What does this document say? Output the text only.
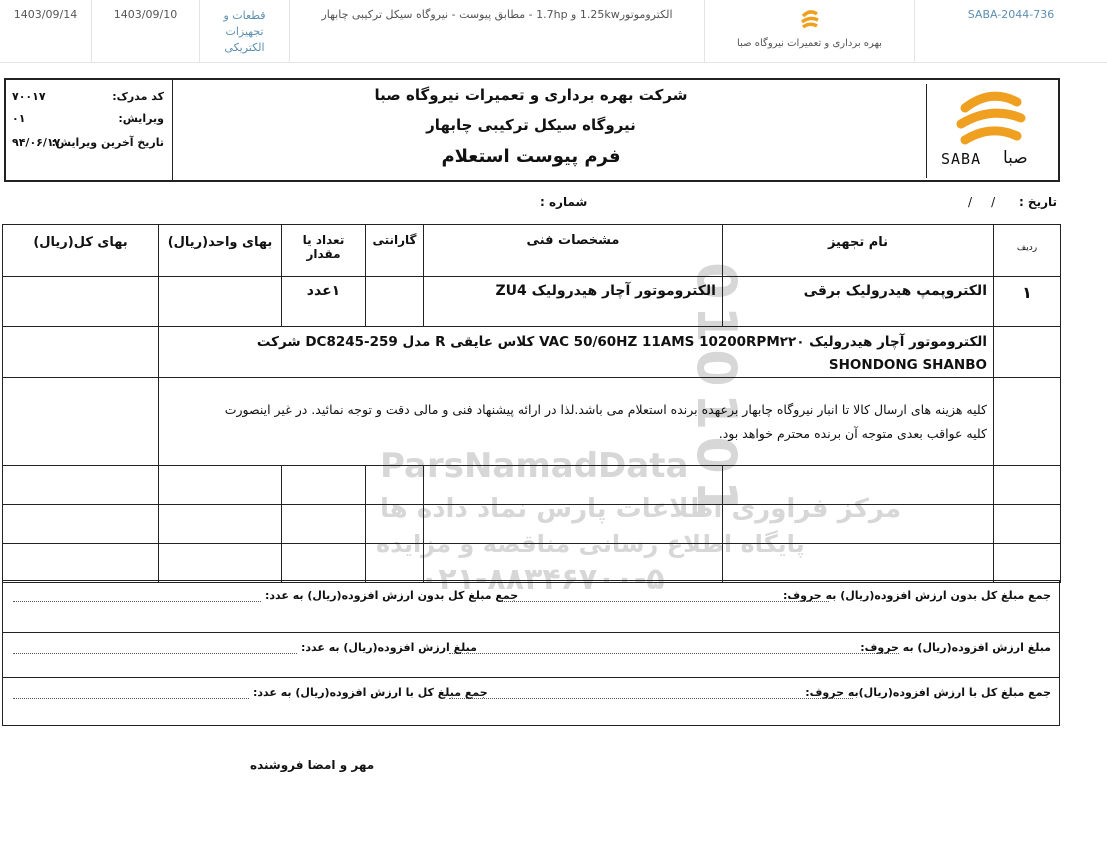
1403/09/14	1403/09/10	قطعات و تجهیزات الکتریکی
الکتروموتور1.25kw و 1.7hp - مطابق پیوست - نیروگاه سیکل ترکیبی چابهار
بهره برداری و تعمیرات نیروگاه صبا
SABA-2044-736
کد مدرک:
۷۰۰۱۷
ویرایش:
۰۱
تاریخ آخرین ویرایش:
۹۴/۰۶/۱۷
شرکت بهره برداری و تعمیرات نیروگاه صبا
نیروگاه سیکل ترکیبی چابهار
فرم پیوست استعلام	SABA صبا
تاریخ :
/     /
شماره :
010101
ParsNamadData
مرکز فراوری اطلاعات پارس نماد داده ها
پایگاه اطلاع رسانی مناقصه و مزایده
۰۲۱-۸۸۳۴۶۷۰۰-۵
بهای کل(ریال)	بهای واحد(ریال)	تعداد یا مقدار	گارانتی	مشخصات فنی	نام تجهیز	ردیف
		۱عدد		الکتروموتور آچار هیدرولیک ZU4	الکتروپمپ هیدرولیک برقی	۱

	الکتروموتور آچار هیدرولیک VAC 50/60HZ 11AMS 10200RPM۲۲۰ کلاس عایقی R مدل DC8245-259 شرکت
SHONDONG SHANBO					

	کلیه هزینه های ارسال کالا تا انبار نیروگاه چابهار برعهده برنده استعلام می باشد.لذا در ارائه پیشنهاد فنی و مالی دقت و توجه نمائید. در غیر اینصورت
کلیه عواقب بعدی متوجه آن برنده محترم خواهد بود.					

جمع مبلغ کل بدون ارزش افزوده(ریال) به حروف:
جمع مبلغ کل بدون ارزش افزوده(ریال) به عدد:
مبلغ ارزش افزوده(ریال) به حروف:
مبلغ ارزش افزوده(ریال) به عدد:
جمع مبلغ کل با ارزش افزوده(ریال)به حروف:
جمع مبلغ کل با ارزش افزوده(ریال) به عدد:
مهر و امضا فروشنده
